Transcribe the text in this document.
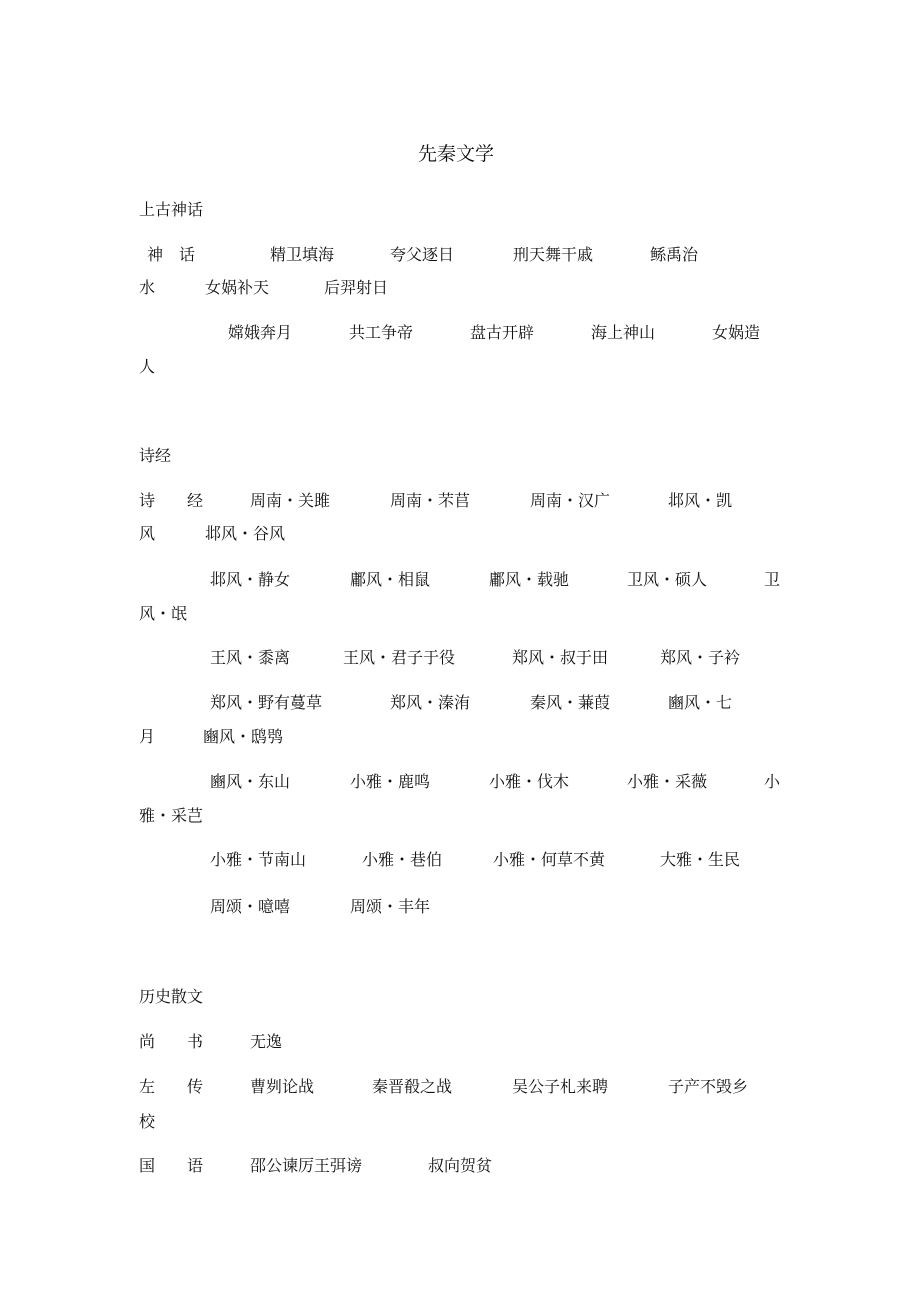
先秦文学
上古神话
神　话	精卫填海	夸父逐日	刑天舞干戚	鲧禹治
水	女娲补天	后羿射日
嫦娥奔月	共工争帝	盘古开辟	海上神山	女娲造
人
诗经
诗　　经	周南・关雎	周南・芣苢	周南・汉广	邶风・凯
风	邶风・谷风
邶风・静女	鄘风・相鼠	鄘风・载驰	卫风・硕人	卫
风・氓
王风・黍离	王风・君子于役	郑风・叔于田	郑风・子衿
郑风・野有蔓草	郑风・溱洧	秦风・蒹葭	豳风・七
月	豳风・鸱鸮
豳风・东山	小雅・鹿鸣	小雅・伐木	小雅・采薇	小
雅・采芑
小雅・节南山	小雅・巷伯	小雅・何草不黄	大雅・生民
周颂・噫嘻	周颂・丰年
历史散文
尚　　书	无逸
左　　传	曹刿论战	秦晋殽之战	吴公子札来聘	子产不毁乡
校
国　　语	邵公谏厉王弭谤	叔向贺贫
